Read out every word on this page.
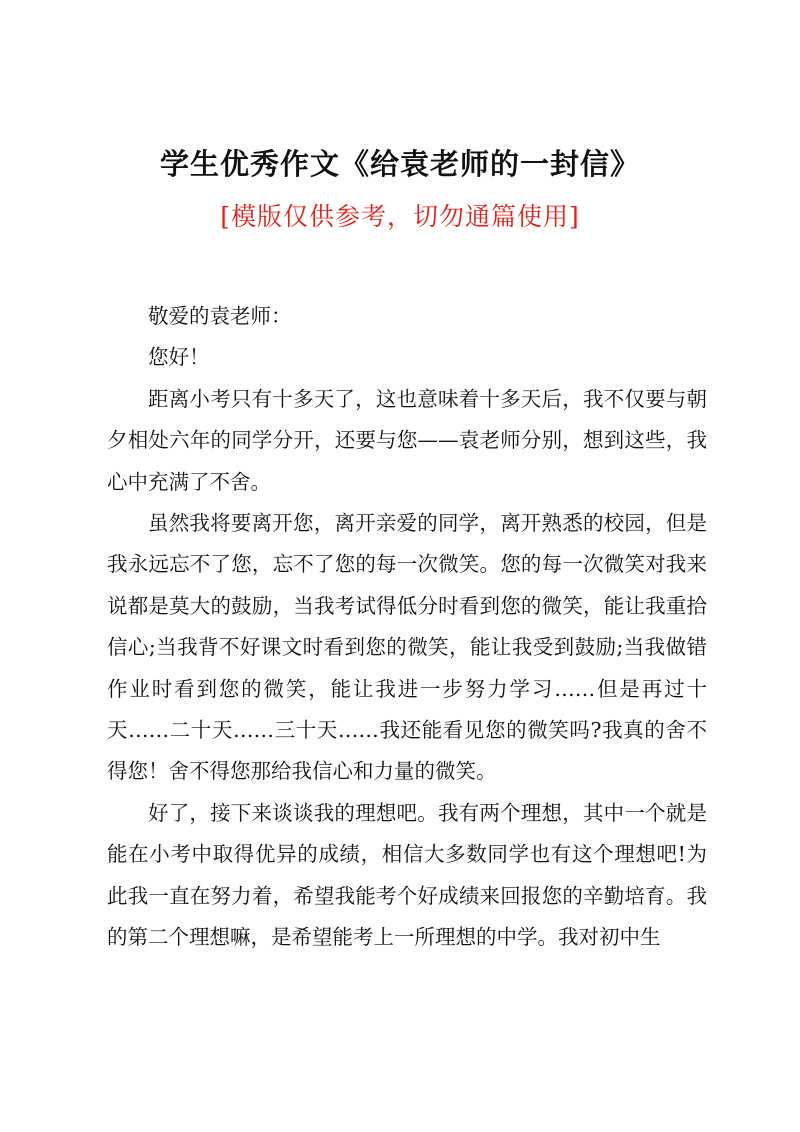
学生优秀作文《给袁老师的一封信》
[模版仅供参考，切勿通篇使用]

敬爱的袁老师：

您好！

距离小考只有十多天了，这也意味着十多天后，我不仅要与朝夕相处六年的同学分开，还要与您——袁老师分别，想到这些，我心中充满了不舍。

虽然我将要离开您，离开亲爱的同学，离开熟悉的校园，但是我永远忘不了您，忘不了您的每一次微笑。您的每一次微笑对我来说都是莫大的鼓励，当我考试得低分时看到您的微笑，能让我重拾信心;当我背不好课文时看到您的微笑，能让我受到鼓励;当我做错作业时看到您的微笑，能让我进一步努力学习……但是再过十天……二十天……三十天……我还能看见您的微笑吗?我真的舍不得您！舍不得您那给我信心和力量的微笑。

好了，接下来谈谈我的理想吧。我有两个理想，其中一个就是能在小考中取得优异的成绩，相信大多数同学也有这个理想吧!为此我一直在努力着，希望我能考个好成绩来回报您的辛勤培育。我的第二个理想嘛，是希望能考上一所理想的中学。我对初中生
